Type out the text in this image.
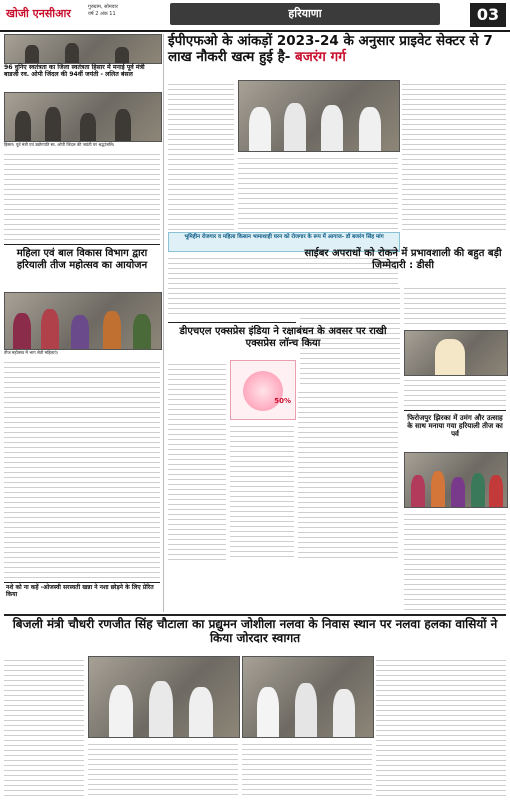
खोजी एनसीआर	गुरुग्राम, सोमवार
वर्ष 2 अंक 11	हरियाणा	03
96 वुनिए स्वतंत्रता का जिला स्वतंत्रता हिसार में मनाई पूर्व मंत्री बाडजी रव. ओपी जिंदल की 94वीं जयंती - ललित बंसल
हिसार। पूर्व मंत्री एवं उद्योगपति स्व. ओपी जिंदल की जयंती पर श्रद्धांजलि।
महिला एवं बाल विकास विभाग द्वारा हरियाली तीज महोत्सव का आयोजन
तीज महोत्सव में भाग लेती महिलाएं।
नशे को ना कहें -ओजस्वी सरस्वती खन्ना ने नशा छोड़ने के लिए प्रेरित किया
ईपीएफओ के आंकड़ों 2023-24 के अनुसार प्राइवेट सेक्टर से 7 लाख नौकरी खत्म हुई है- बजरंग गर्ग
भूमिहीन रोजगार व महिला किसान भामाशाही घरन को रोजगार के रूप में आगाज- डॉ बजरंग सिंह मांग
साईबर अपराधों को रोकने में प्रभावशाली की बहुत बड़ी जिम्मेदारी : डीसी
डीएचएल एक्सप्रेस इंडिया ने रक्षाबंधन के अवसर पर राखी एक्सप्रेस लॉन्च किया
50%
फिरोजपुर झिरका में उमंग और उत्साह के साथ मनाया गया हरियाली तीज का पर्व
बिजली मंत्री चौधरी रणजीत सिंह चौटाला का प्रद्युमन जोशीला नलवा के निवास स्थान पर नलवा हलका वासियों ने किया जोरदार स्वागत
